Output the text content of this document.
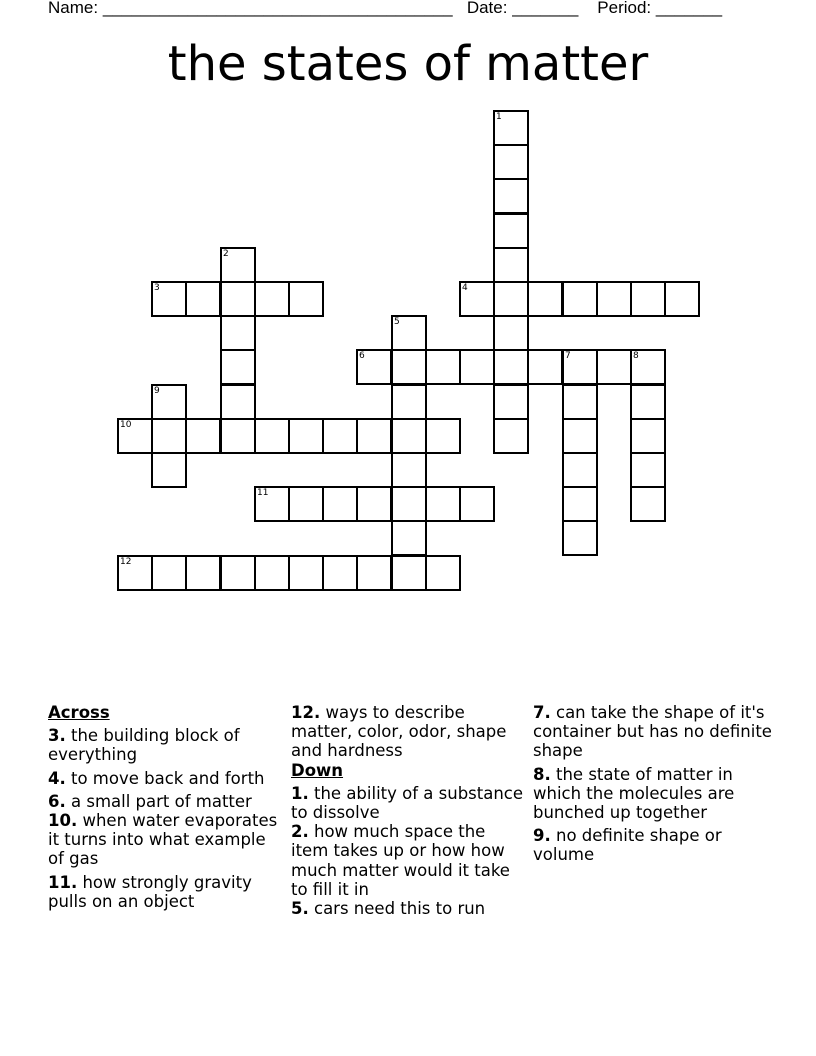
Name: _____________________________________ Date: _______ Period: _______
the states of matter
1
2
3	4
5
6	7	8
9
10
11
12
Across
3. the building block of everything
4. to move back and forth
6. a small part of matter
10. when water evaporates it turns into what example of gas
11. how strongly gravity pulls on an object
12. ways to describe matter, color, odor, shape and hardness
Down
1. the ability of a substance to dissolve
2. how much space the item takes up or how how much matter would it take to fill it in
5. cars need this to run
7. can take the shape of it's container but has no definite shape
8. the state of matter in which the molecules are bunched up together
9. no definite shape or volume
